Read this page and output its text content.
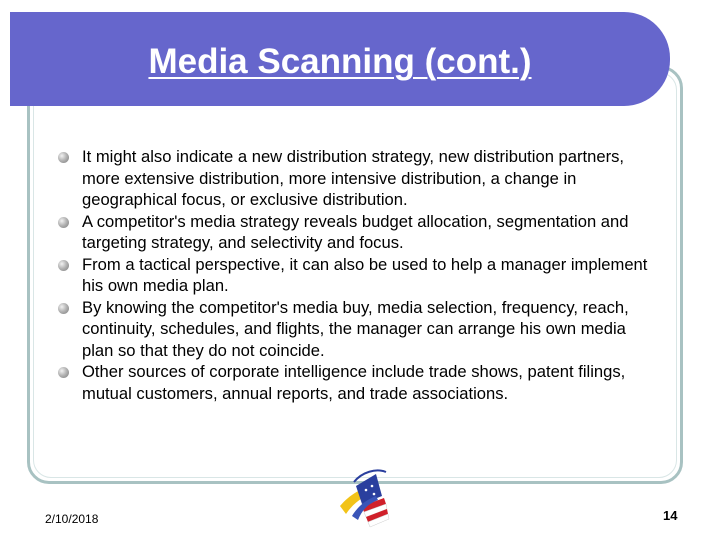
Media Scanning (cont.)
It might also indicate a new distribution strategy, new distribution partners, more extensive distribution, more intensive distribution, a change in geographical focus, or exclusive distribution.
A competitor's media strategy reveals budget allocation, segmentation and targeting strategy, and selectivity and focus.
From a tactical perspective, it can also be used to help a manager implement his own media plan.
By knowing the competitor's media buy, media selection, frequency, reach, continuity, schedules, and flights, the manager can arrange his own media plan so that they do not coincide.
Other sources of corporate intelligence include trade shows, patent filings, mutual customers, annual reports, and trade associations.
2/10/2018	14
